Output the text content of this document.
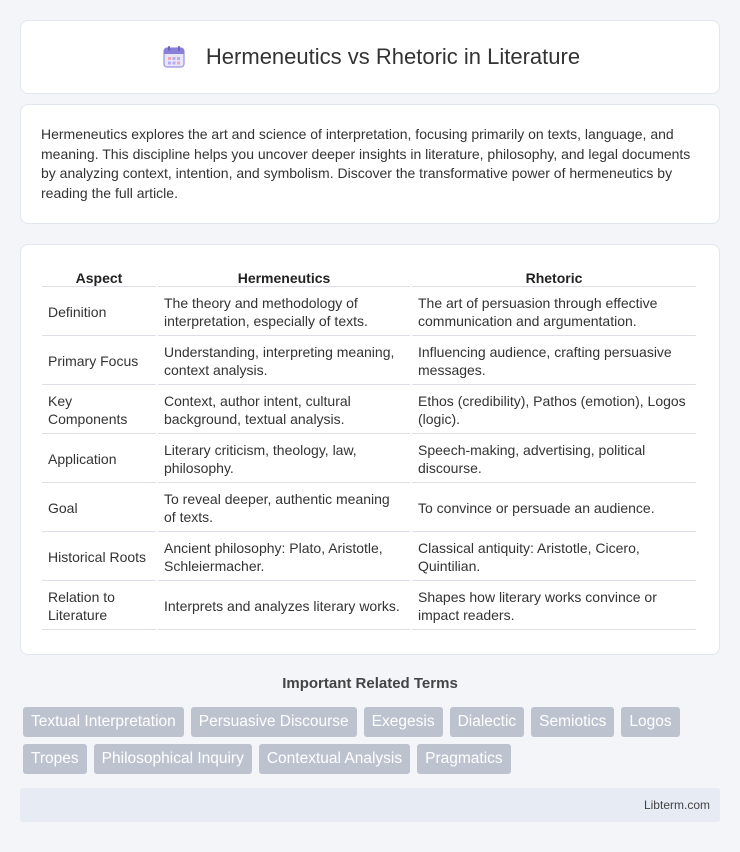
Hermeneutics vs Rhetoric in Literature

Hermeneutics explores the art and science of interpretation, focusing primarily on texts, language, and meaning. This discipline helps you uncover deeper insights in literature, philosophy, and legal documents by analyzing context, intention, and symbolism. Discover the transformative power of hermeneutics by reading the full article.

Aspect	Hermeneutics	Rhetoric
Definition	The theory and methodology of interpretation, especially of texts.	The art of persuasion through effective communication and argumentation.
Primary Focus	Understanding, interpreting meaning, context analysis.	Influencing audience, crafting persuasive messages.
Key Components	Context, author intent, cultural background, textual analysis.	Ethos (credibility), Pathos (emotion), Logos (logic).
Application	Literary criticism, theology, law, philosophy.	Speech-making, advertising, political discourse.
Goal	To reveal deeper, authentic meaning of texts.	To convince or persuade an audience.
Historical Roots	Ancient philosophy: Plato, Aristotle, Schleiermacher.	Classical antiquity: Aristotle, Cicero, Quintilian.
Relation to Literature	Interprets and analyzes literary works.	Shapes how literary works convince or impact readers.
Important Related Terms
Textual Interpretation	Persuasive Discourse	Exegesis	Dialectic	Semiotics	Logos
Tropes	Philosophical Inquiry	Contextual Analysis	Pragmatics
Libterm.com
